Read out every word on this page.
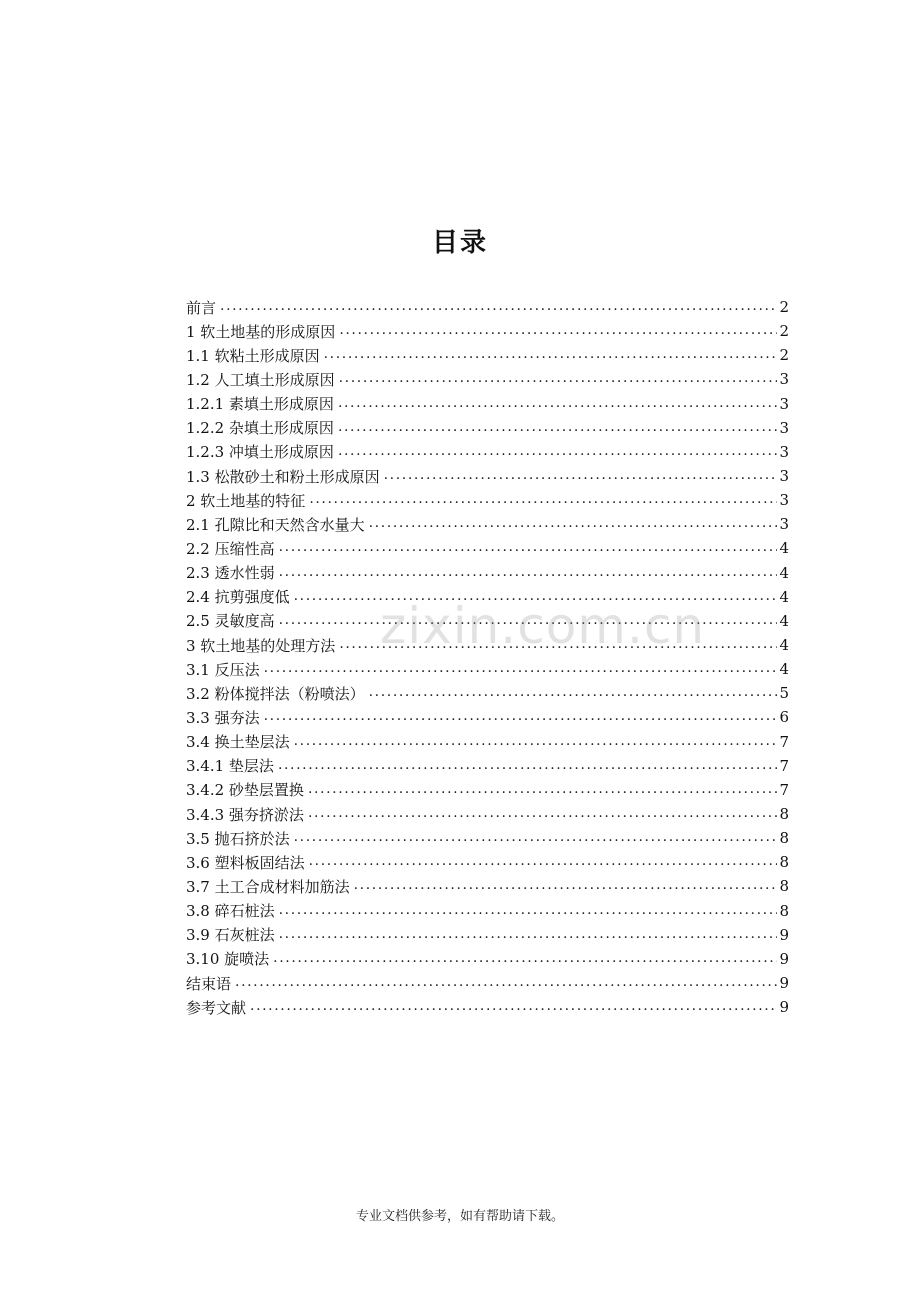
目录
前言 .....	2
1 软土地基的形成原因 .....	2
1.1 软粘土形成原因 .....	2
1.2 人工填土形成原因 .....	3
1.2.1 素填土形成原因 .....	3
1.2.2 杂填土形成原因 .....	3
1.2.3 冲填土形成原因 .....	3
1.3 松散砂土和粉土形成原因 .....	3
2 软土地基的特征 .....	3
2.1 孔隙比和天然含水量大 .....	3
2.2 压缩性高 .....	4
2.3 透水性弱 .....	4
2.4 抗剪强度低 .....	4
2.5 灵敏度高 .....	4
3 软土地基的处理方法 .....	4
3.1 反压法 .....	4
3.2 粉体搅拌法（粉喷法） .....	5
3.3 强夯法 .....	6
3.4 换土垫层法 .....	7
3.4.1 垫层法 .....	7
3.4.2 砂垫层置换 .....	7
3.4.3 强夯挤淤法 .....	8
3.5 抛石挤於法 .....	8
3.6 塑料板固结法 .....	8
3.7 土工合成材料加筋法 .....	8
3.8 碎石桩法 .....	8
3.9 石灰桩法 .....	9
3.10 旋喷法 .....	9
结束语 .....	9
参考文献 .....	9
zixin.com.cn
专业文档供参考，如有帮助请下载。
